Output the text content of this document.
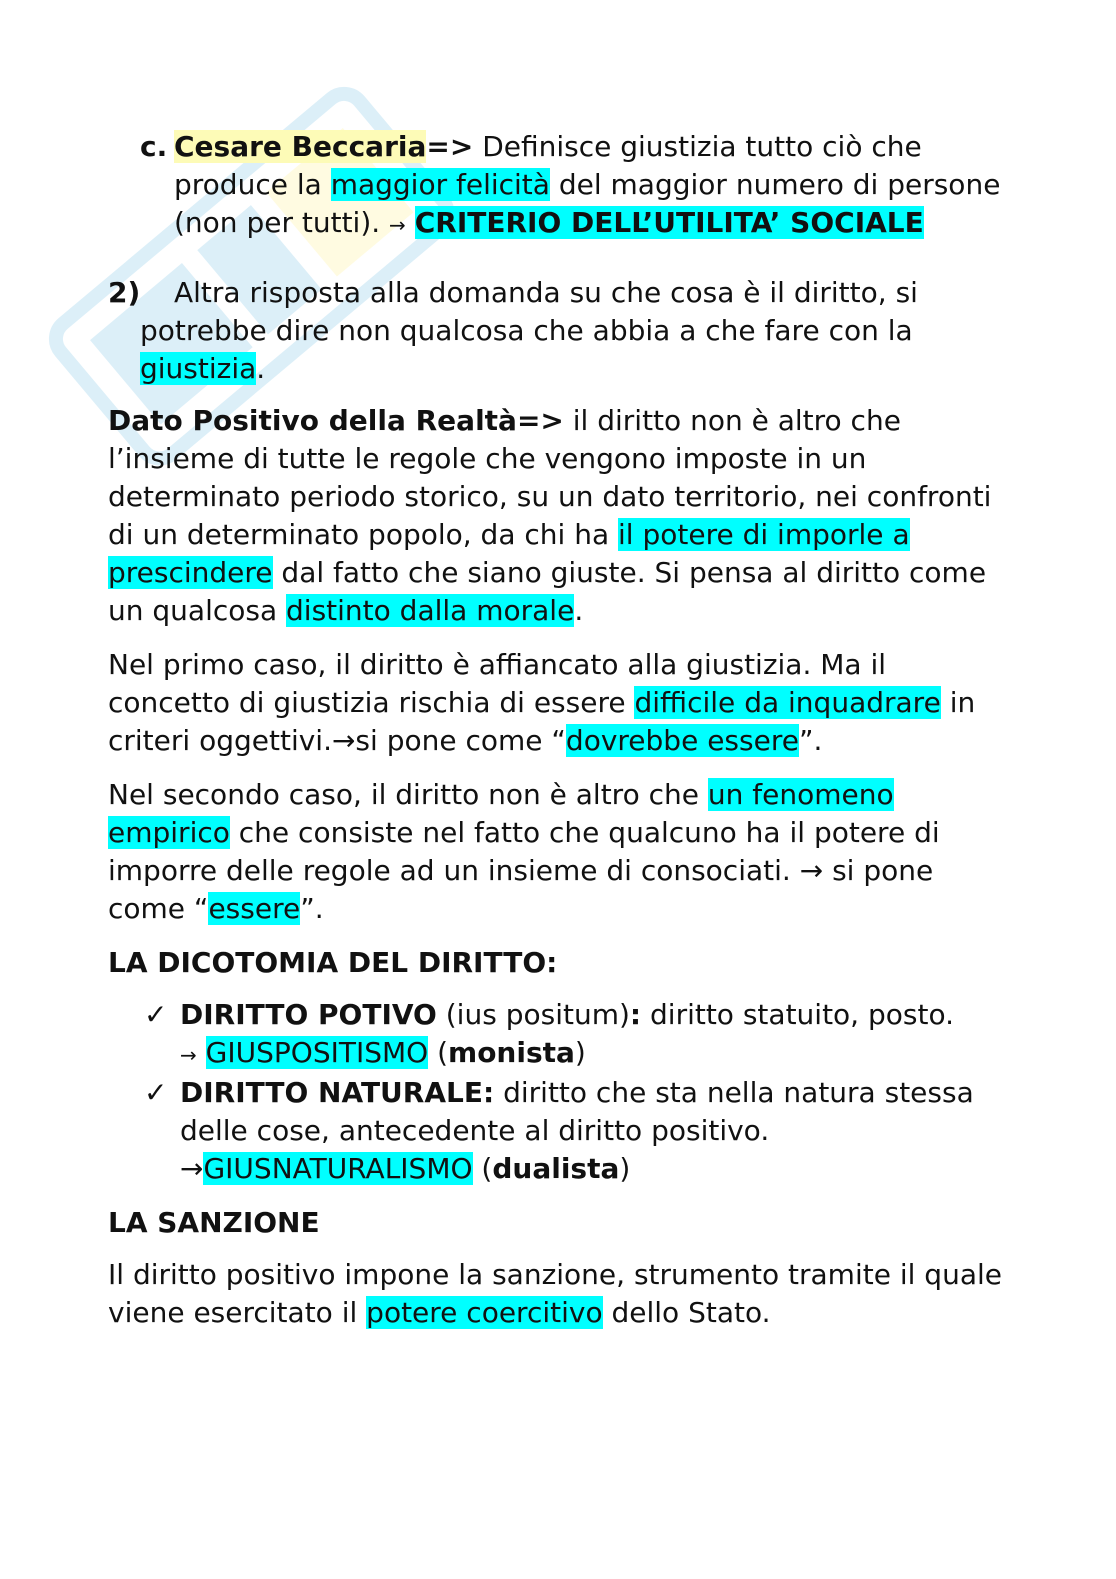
c. Cesare Beccaria=> Definisce giustizia tutto ciò che produce la maggior felicità del maggior numero di persone (non per tutti). → CRITERIO DELL’UTILITA’ SOCIALE

2) Altra risposta alla domanda su che cosa è il diritto, si potrebbe dire non qualcosa che abbia a che fare con la giustizia.

Dato Positivo della Realtà=> il diritto non è altro che l’insieme di tutte le regole che vengono imposte in un determinato periodo storico, su un dato territorio, nei confronti di un determinato popolo, da chi ha il potere di imporle a prescindere dal fatto che siano giuste. Si pensa al diritto come un qualcosa distinto dalla morale.

Nel primo caso, il diritto è affiancato alla giustizia. Ma il concetto di giustizia rischia di essere difficile da inquadrare in criteri oggettivi.→si pone come “dovrebbe essere”.

Nel secondo caso, il diritto non è altro che un fenomeno empirico che consiste nel fatto che qualcuno ha il potere di imporre delle regole ad un insieme di consociati. → si pone come “essere”.

LA DICOTOMIA DEL DIRITTO:

✓ DIRITTO POTIVO (ius positum): diritto statuito, posto.
→ GIUSPOSITISMO (monista)

✓ DIRITTO NATURALE: diritto che sta nella natura stessa delle cose, antecedente al diritto positivo.
→GIUSNATURALISMO (dualista)

LA SANZIONE

Il diritto positivo impone la sanzione, strumento tramite il quale viene esercitato il potere coercitivo dello Stato.
